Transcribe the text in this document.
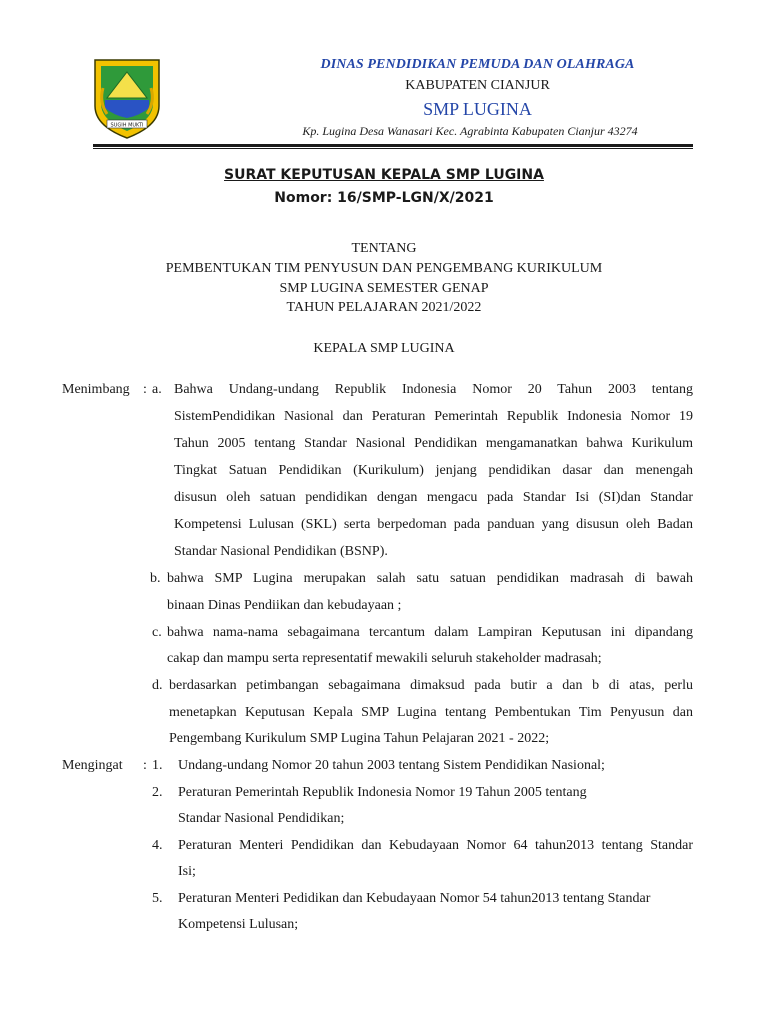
SUGIH MUKTI
DINAS PENDIDIKAN PEMUDA DAN OLAHRAGA
KABUPATEN CIANJUR
SMP LUGINA
Kp. Lugina Desa Wanasari Kec. Agrabinta Kabupaten Cianjur 43274
SURAT KEPUTUSAN KEPALA SMP LUGINA
Nomor: 16/SMP-LGN/X/2021
TENTANG
PEMBENTUKAN TIM PENYUSUN DAN PENGEMBANG KURIKULUM
SMP LUGINA SEMESTER GENAP
TAHUN PELAJARAN 2021/2022
KEPALA SMP LUGINA
Menimbang : a. Bahwa Undang-undang Republik Indonesia Nomor 20 Tahun 2003 tentang
SistemPendidikan Nasional dan Peraturan Pemerintah Republik Indonesia Nomor 19
Tahun 2005 tentang Standar Nasional Pendidikan mengamanatkan bahwa Kurikulum
Tingkat Satuan Pendidikan (Kurikulum) jenjang pendidikan dasar dan menengah
disusun oleh satuan pendidikan dengan mengacu pada Standar Isi (SI)dan Standar
Kompetensi Lulusan (SKL) serta berpedoman pada panduan yang disusun oleh Badan
Standar Nasional Pendidikan (BSNP).
b. bahwa SMP Lugina merupakan salah satu satuan pendidikan madrasah di bawah
binaan Dinas Pendiikan dan kebudayaan ;
c. bahwa nama-nama sebagaimana tercantum dalam Lampiran Keputusan ini dipandang
cakap dan mampu serta representatif mewakili seluruh stakeholder madrasah;
d. berdasarkan petimbangan sebagaimana dimaksud pada butir a dan b di atas, perlu
menetapkan Keputusan Kepala SMP Lugina tentang Pembentukan Tim Penyusun dan
Pengembang Kurikulum SMP Lugina Tahun Pelajaran 2021 - 2022;
Mengingat : 1. Undang-undang Nomor 20 tahun 2003 tentang Sistem Pendidikan Nasional;
2. Peraturan Pemerintah Republik Indonesia Nomor 19 Tahun 2005 tentang
Standar Nasional Pendidikan;
4. Peraturan Menteri Pendidikan dan Kebudayaan Nomor 64 tahun2013 tentang Standar
Isi;
5. Peraturan Menteri Pedidikan dan Kebudayaan Nomor 54 tahun2013 tentang Standar
Kompetensi Lulusan;
